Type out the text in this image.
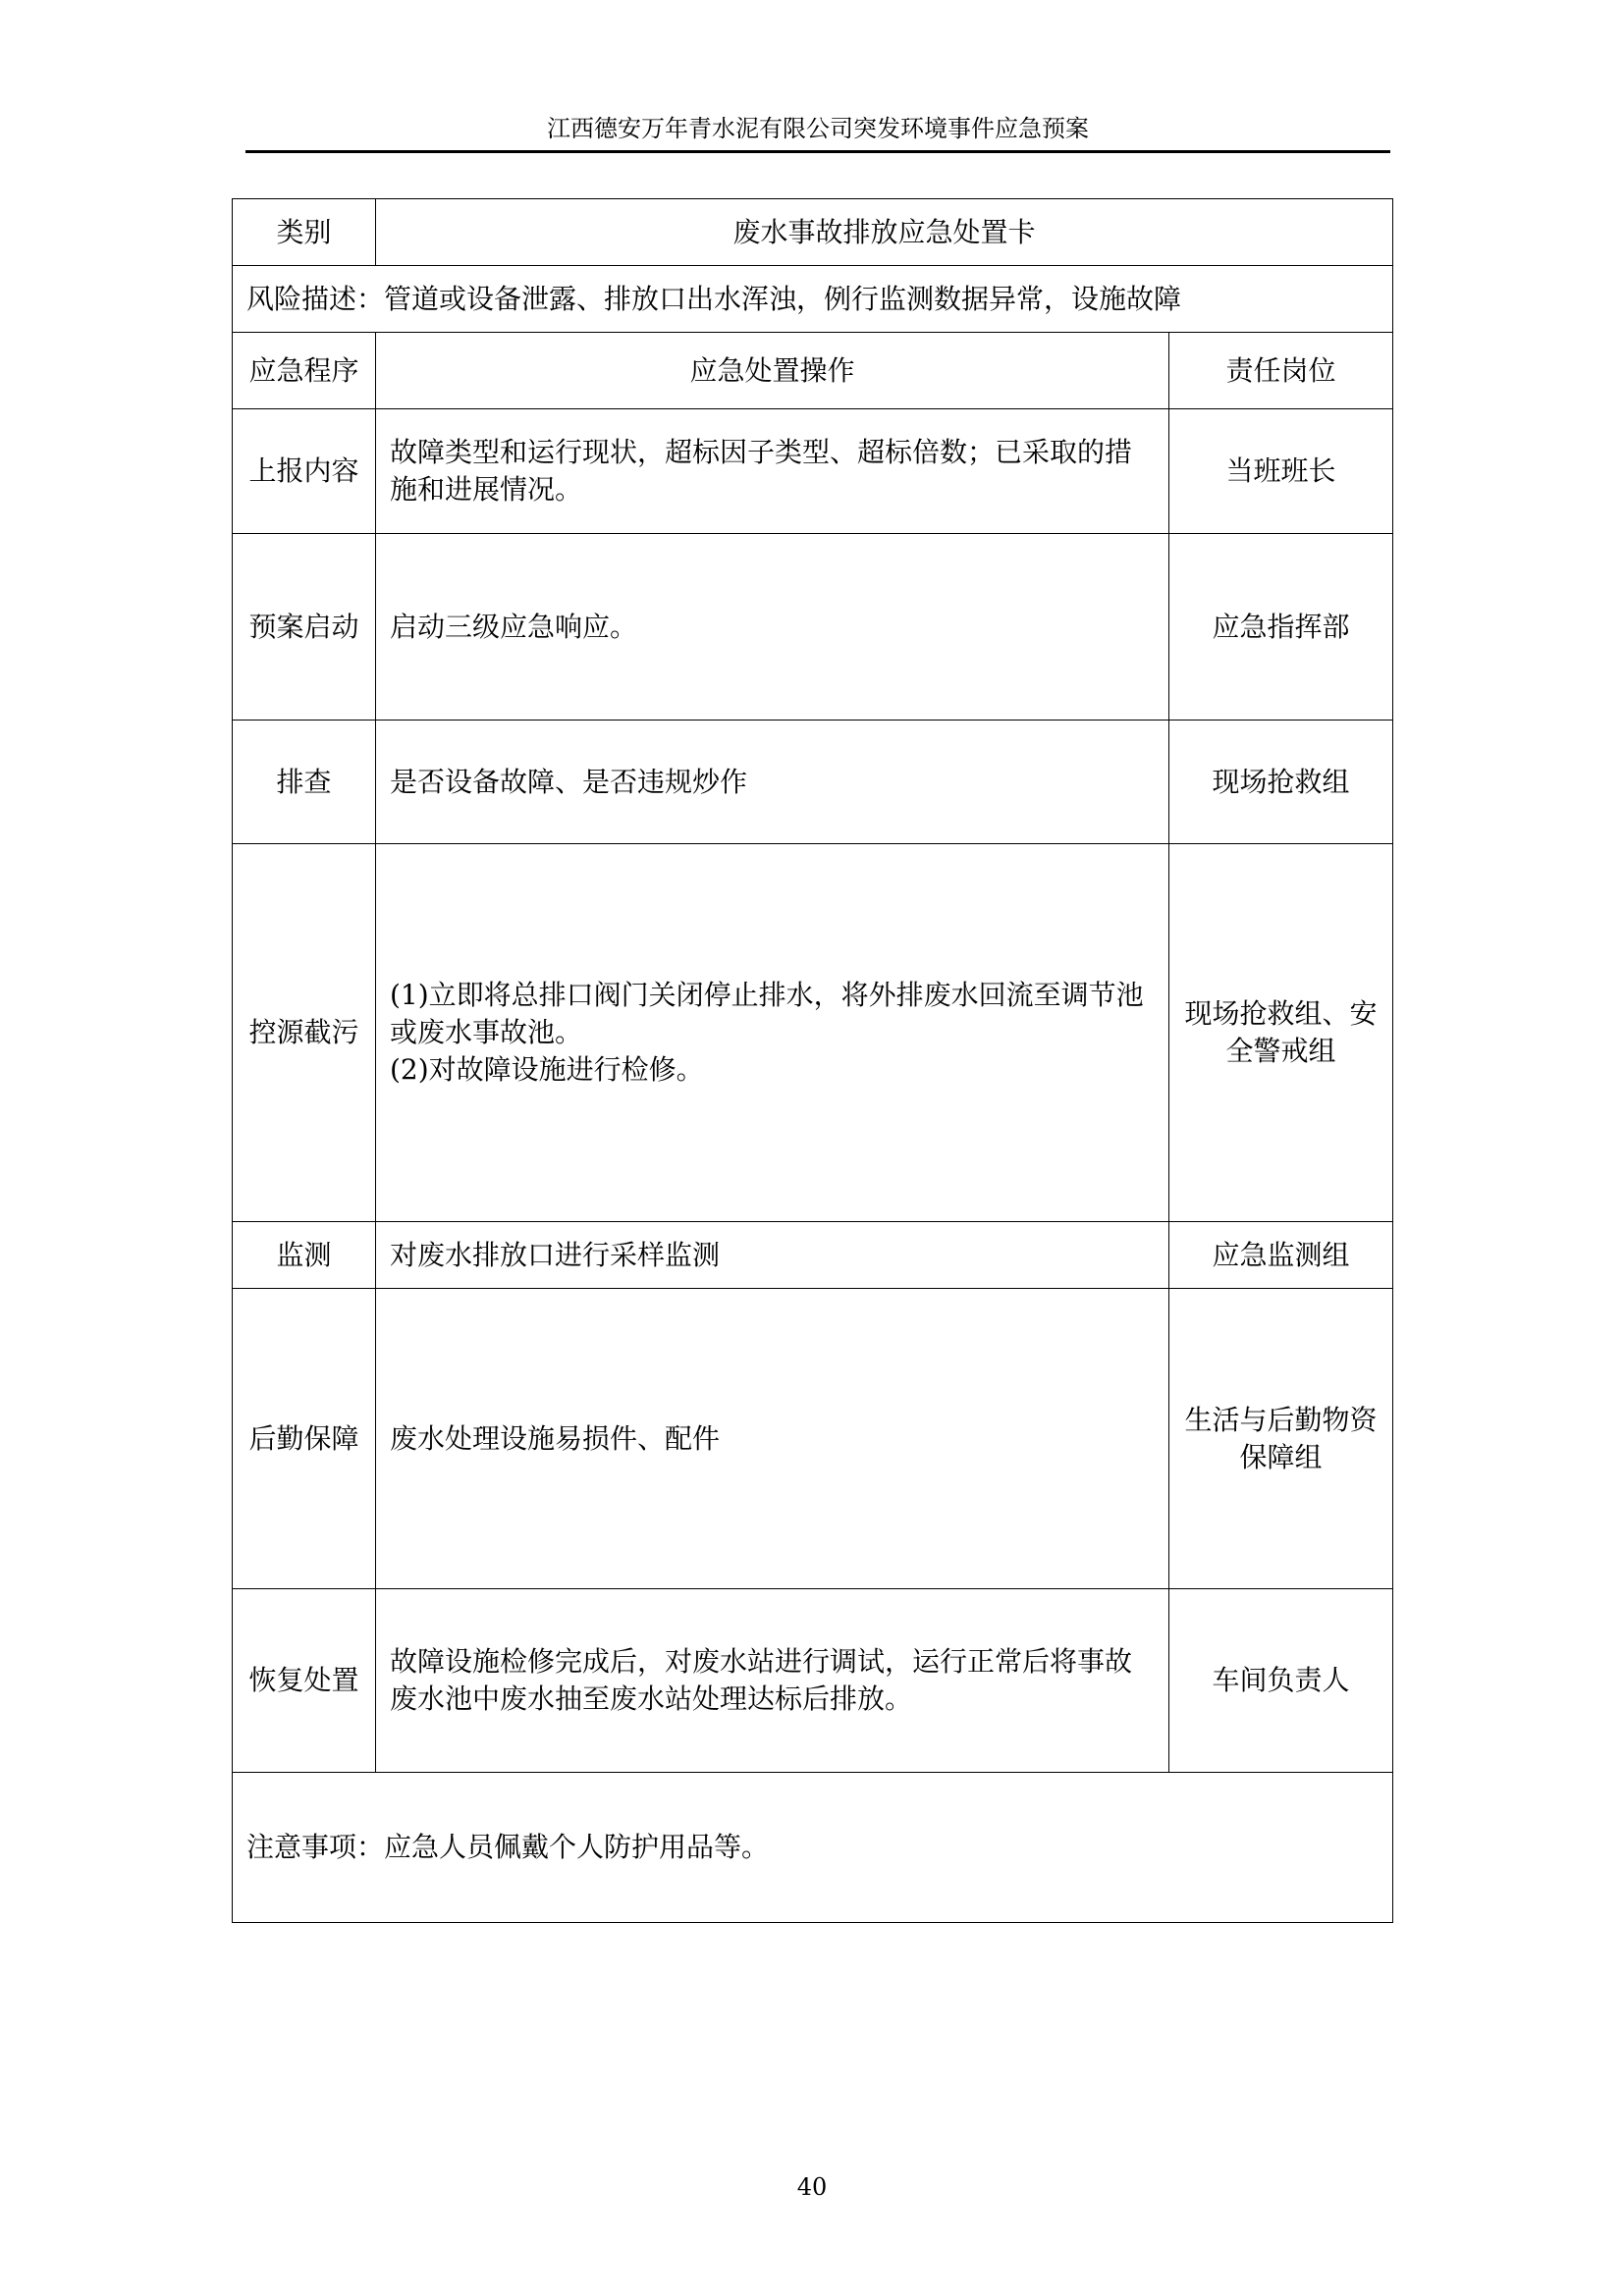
江西德安万年青水泥有限公司突发环境事件应急预案
类别	废水事故排放应急处置卡	
风险描述：管道或设备泄露、排放口出水浑浊，例行监测数据异常，设施故障		
应急程序	应急处置操作	责任岗位
上报内容	故障类型和运行现状，超标因子类型、超标倍数；已采取的措施和进展情况。	当班班长
预案启动	启动三级应急响应。	应急指挥部
排查	是否设备故障、是否违规炒作	现场抢救组
控源截污	(1)立即将总排口阀门关闭停止排水，将外排废水回流至调节池或废水事故池。
(2)对故障设施进行检修。	现场抢救组、安全警戒组
监测	对废水排放口进行采样监测	应急监测组
后勤保障	废水处理设施易损件、配件	生活与后勤物资保障组
恢复处置	故障设施检修完成后，对废水站进行调试，运行正常后将事故废水池中废水抽至废水站处理达标后排放。	车间负责人
注意事项：应急人员佩戴个人防护用品等。		
40
